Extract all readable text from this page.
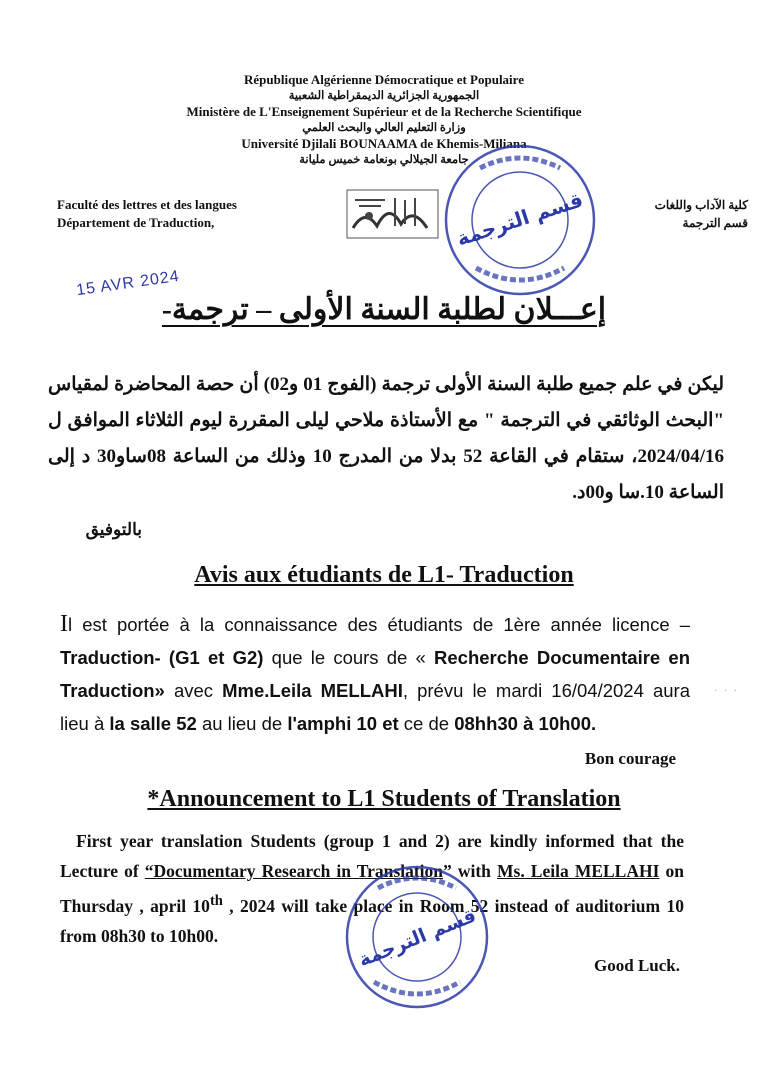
République Algérienne Démocratique et Populaire
الجمهورية الجزائرية الديمقراطية الشعبية
Ministère de L'Enseignement Supérieur et de la Recherche Scientifique
وزارة التعليم العالي والبحث العلمي
Université Djilali BOUNAAMA de Khemis-Miliana
جامعة الجيلالي بونعامة خميس مليانة
Faculté des lettres et des langues
Département de Traduction,
كلية الآداب واللغات
قسم الترجمة
قسم الترجمة
15 AVR 2024
إعـــلان لطلبة السنة الأولى – ترجمة-
ليكن في علم جميع طلبة السنة الأولى ترجمة (الفوج 01 و02) أن حصة المحاضرة لمقياس "البحث الوثائقي في الترجمة " مع الأستاذة ملاحي ليلى المقررة ليوم الثلاثاء الموافق ل 2024/04/16، ستقام في القاعة 52 بدلا من المدرج 10 وذلك من الساعة 08ساو30 د إلى الساعة 10.سا و00د.
بالتوفيق
Avis aux étudiants de L1- Traduction
Il est portée à la connaissance des étudiants de 1ère année licence – Traduction- (G1 et G2) que le cours de « Recherche Documentaire en Traduction» avec Mme.Leila MELLAHI, prévu le mardi 16/04/2024 aura lieu à la salle 52 au lieu de l'amphi 10 et ce de 08hh30 à 10h00.
Bon courage
· · ·
*Announcement to L1 Students of Translation
First year translation Students (group 1 and 2) are kindly informed that the Lecture of “Documentary Research in Translation” with Ms. Leila MELLAHI on Thursday , april 10th , 2024 will take place in Room 52 instead of auditorium 10 from 08h30 to 10h00.
Good Luck.
قسم الترجمة
